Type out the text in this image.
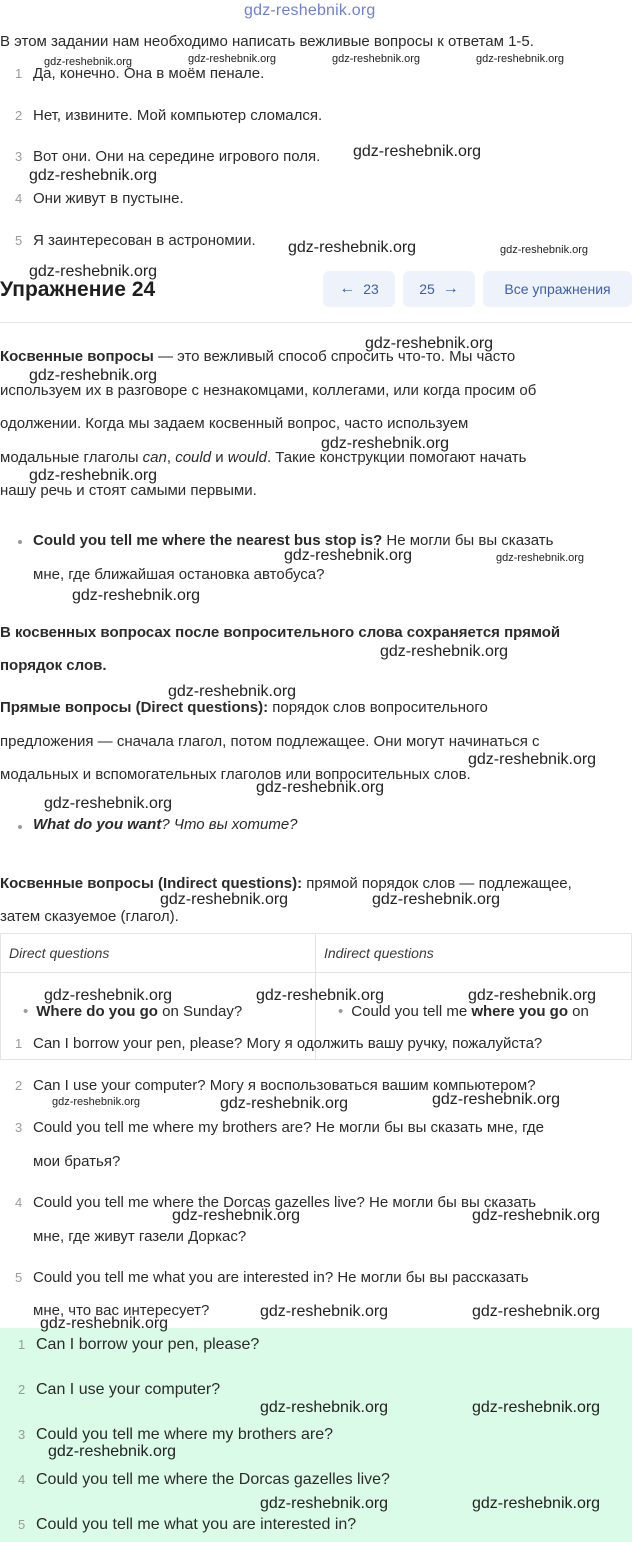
gdz-reshebnik.org
В этом задании нам необходимо написать вежливые вопросы к ответам 1-5.
1 Да, конечно. Она в моём пенале.
2 Нет, извините. Мой компьютер сломался.
3 Вот они. Они на середине игрового поля.
4 Они живут в пустыне.
5 Я заинтересован в астрономии.
Упражнение 24	← 23	25 →	Все упражнения
Косвенные вопросы — это вежливый способ спросить что-то. Мы часто
используем их в разговоре с незнакомцами, коллегами, или когда просим об
одолжении. Когда мы задаем косвенный вопрос, часто используем
модальные глаголы can, could и would. Такие конструкции помогают начать
нашу речь и стоят самыми первыми.
Could you tell me where the nearest bus stop is? Не могли бы вы сказать
мне, где ближайшая остановка автобуса?
В косвенных вопросах после вопросительного слова сохраняется прямой
порядок слов.
Прямые вопросы (Direct questions): порядок слов вопросительного
предложения — сначала глагол, потом подлежащее. Они могут начинаться с
модальных и вспомогательных глаголов или вопросительных слов.
What do you want? Что вы хотите?
Косвенные вопросы (Indirect questions): прямой порядок слов — подлежащее,
затем сказуемое (глагол).
Direct questions	Indirect questions
• Where do you go on Sunday?	• Could you tell me where you go on
1 Can I borrow your pen, please? Могу я одолжить вашу ручку, пожалуйста?
2 Can I use your computer? Могу я воспользоваться вашим компьютером?
3 Could you tell me where my brothers are? Не могли бы вы сказать мне, где
мои братья?
4 Could you tell me where the Dorcas gazelles live? Не могли бы вы сказать
мне, где живут газели Доркас?
5 Could you tell me what you are interested in? Не могли бы вы рассказать
мне, что вас интересует?
1 Can I borrow your pen, please?
2 Can I use your computer?
3 Could you tell me where my brothers are?
4 Could you tell me where the Dorcas gazelles live?
5 Could you tell me what you are interested in?
gdz-reshebnik.org	gdz-reshebnik.org	gdz-reshebnik.org	gdz-reshebnik.org
gdz-reshebnik.org
gdz-reshebnik.org
gdz-reshebnik.org	gdz-reshebnik.org
gdz-reshebnik.org
gdz-reshebnik.org
gdz-reshebnik.org
gdz-reshebnik.org
gdz-reshebnik.org
gdz-reshebnik.org	gdz-reshebnik.org
gdz-reshebnik.org
gdz-reshebnik.org
gdz-reshebnik.org
gdz-reshebnik.org
gdz-reshebnik.org
gdz-reshebnik.org
gdz-reshebnik.org	gdz-reshebnik.org
gdz-reshebnik.org	gdz-reshebnik.org	gdz-reshebnik.org
gdz-reshebnik.org	gdz-reshebnik.org	gdz-reshebnik.org
gdz-reshebnik.org	gdz-reshebnik.org
gdz-reshebnik.org	gdz-reshebnik.org
gdz-reshebnik.org
gdz-reshebnik.org	gdz-reshebnik.org
gdz-reshebnik.org
gdz-reshebnik.org	gdz-reshebnik.org
